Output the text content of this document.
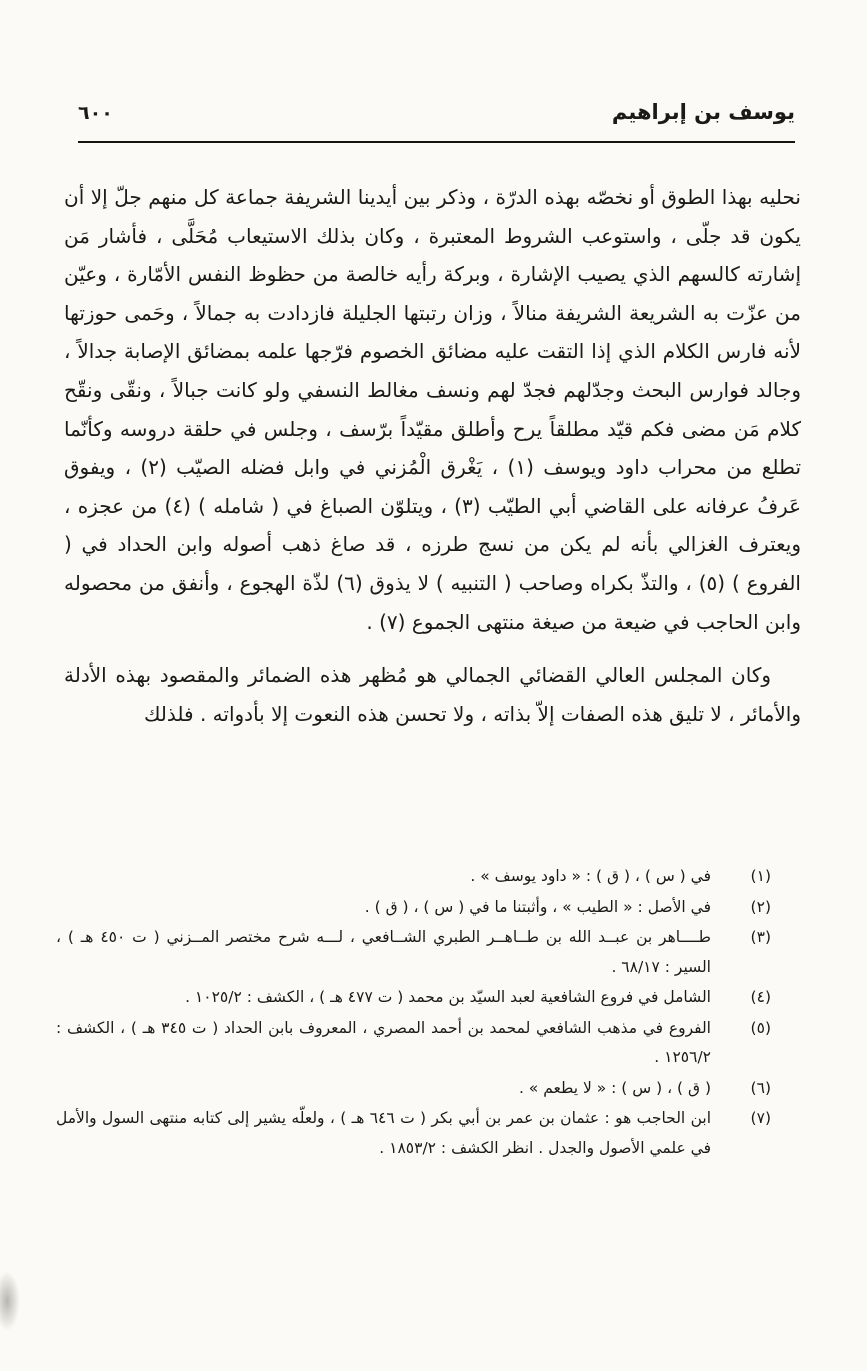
يوسف بن إبراهيم
٦٠٠

نحليه بهذا الطوق أو نخصّه بهذه الدرّة ، وذكر بين أيدينا الشريفة جماعة كل منهم جلّ إلا أن يكون قد جلّى ، واستوعب الشروط المعتبرة ، وكان بذلك الاستيعاب مُحَلَّى ، فأشار مَن إشارته كالسهم الذي يصيب الإشارة ، وبركة رأيه خالصة من حظوظ النفس الأمّارة ، وعيّن من عزّت به الشريعة الشريفة منالاً ، وزان رتبتها الجليلة فازدادت به جمالاً ، وحَمى حوزتها لأنه فارس الكلام الذي إذا التقت عليه مضائق الخصوم فرّجها علمه بمضائق الإصابة جدالاً ، وجالد فوارس البحث وجدّلهم فجدّ لهم ونسف مغالط النسفي ولو كانت جبالاً ، ونقّى ونقّح كلام مَن مضى فكم قيّد مطلقاً يرح وأطلق مقيّداً برّسف ، وجلس في حلقة دروسه وكأنّما تطلع من محراب داود ويوسف (١) ، يَغْرق الْمُزني في وابل فضله الصيّب (٢) ، ويفوق عَرفُ عرفانه على القاضي أبي الطيّب (٣) ، ويتلوّن الصباغ في ( شامله ) (٤) من عجزه ، ويعترف الغزالي بأنه لم يكن من نسج طرزه ، قد صاغ ذهب أصوله وابن الحداد في ( الفروع ) (٥) ، والتذّ بكراه وصاحب ( التنبيه ) لا يذوق (٦) لذّة الهجوع ، وأنفق من محصوله وابن الحاجب في ضيعة من صيغة منتهى الجموع (٧) .

وكان المجلس العالي القضائي الجمالي هو مُظهر هذه الضمائر والمقصود بهذه الأدلة والأمائر ، لا تليق هذه الصفات إلاّ بذاته ، ولا تحسن هذه النعوت إلا بأدواته . فلذلك

(١)
في ( س ) ، ( ق ) : « داود يوسف » .
(٢)
في الأصل : « الطيب » ، وأثبتنا ما في ( س ) ، ( ق ) .
(٣)
طــــاهر بن عبــد الله بن طــاهــر الطبري الشــافعي ، لـــه شرح مختصر المــزني ( ت ٤٥٠ هـ ) ، السير : ٦٨/١٧ .
(٤)
الشامل في فروع الشافعية لعبد السيّد بن محمد ( ت ٤٧٧ هـ ) ، الكشف : ١٠٢٥/٢ .
(٥)
الفروع في مذهب الشافعي لمحمد بن أحمد المصري ، المعروف بابن الحداد ( ت ٣٤٥ هـ ) ، الكشف : ١٢٥٦/٢ .
(٦)
( ق ) ، ( س ) : « لا يطعم » .
(٧)
ابن الحاجب هو : عثمان بن عمر بن أبي بكر ( ت ٦٤٦ هـ ) ، ولعلّه يشير إلى كتابه منتهى السول والأمل في علمي الأصول والجدل . انظر الكشف : ١٨٥٣/٢ .
